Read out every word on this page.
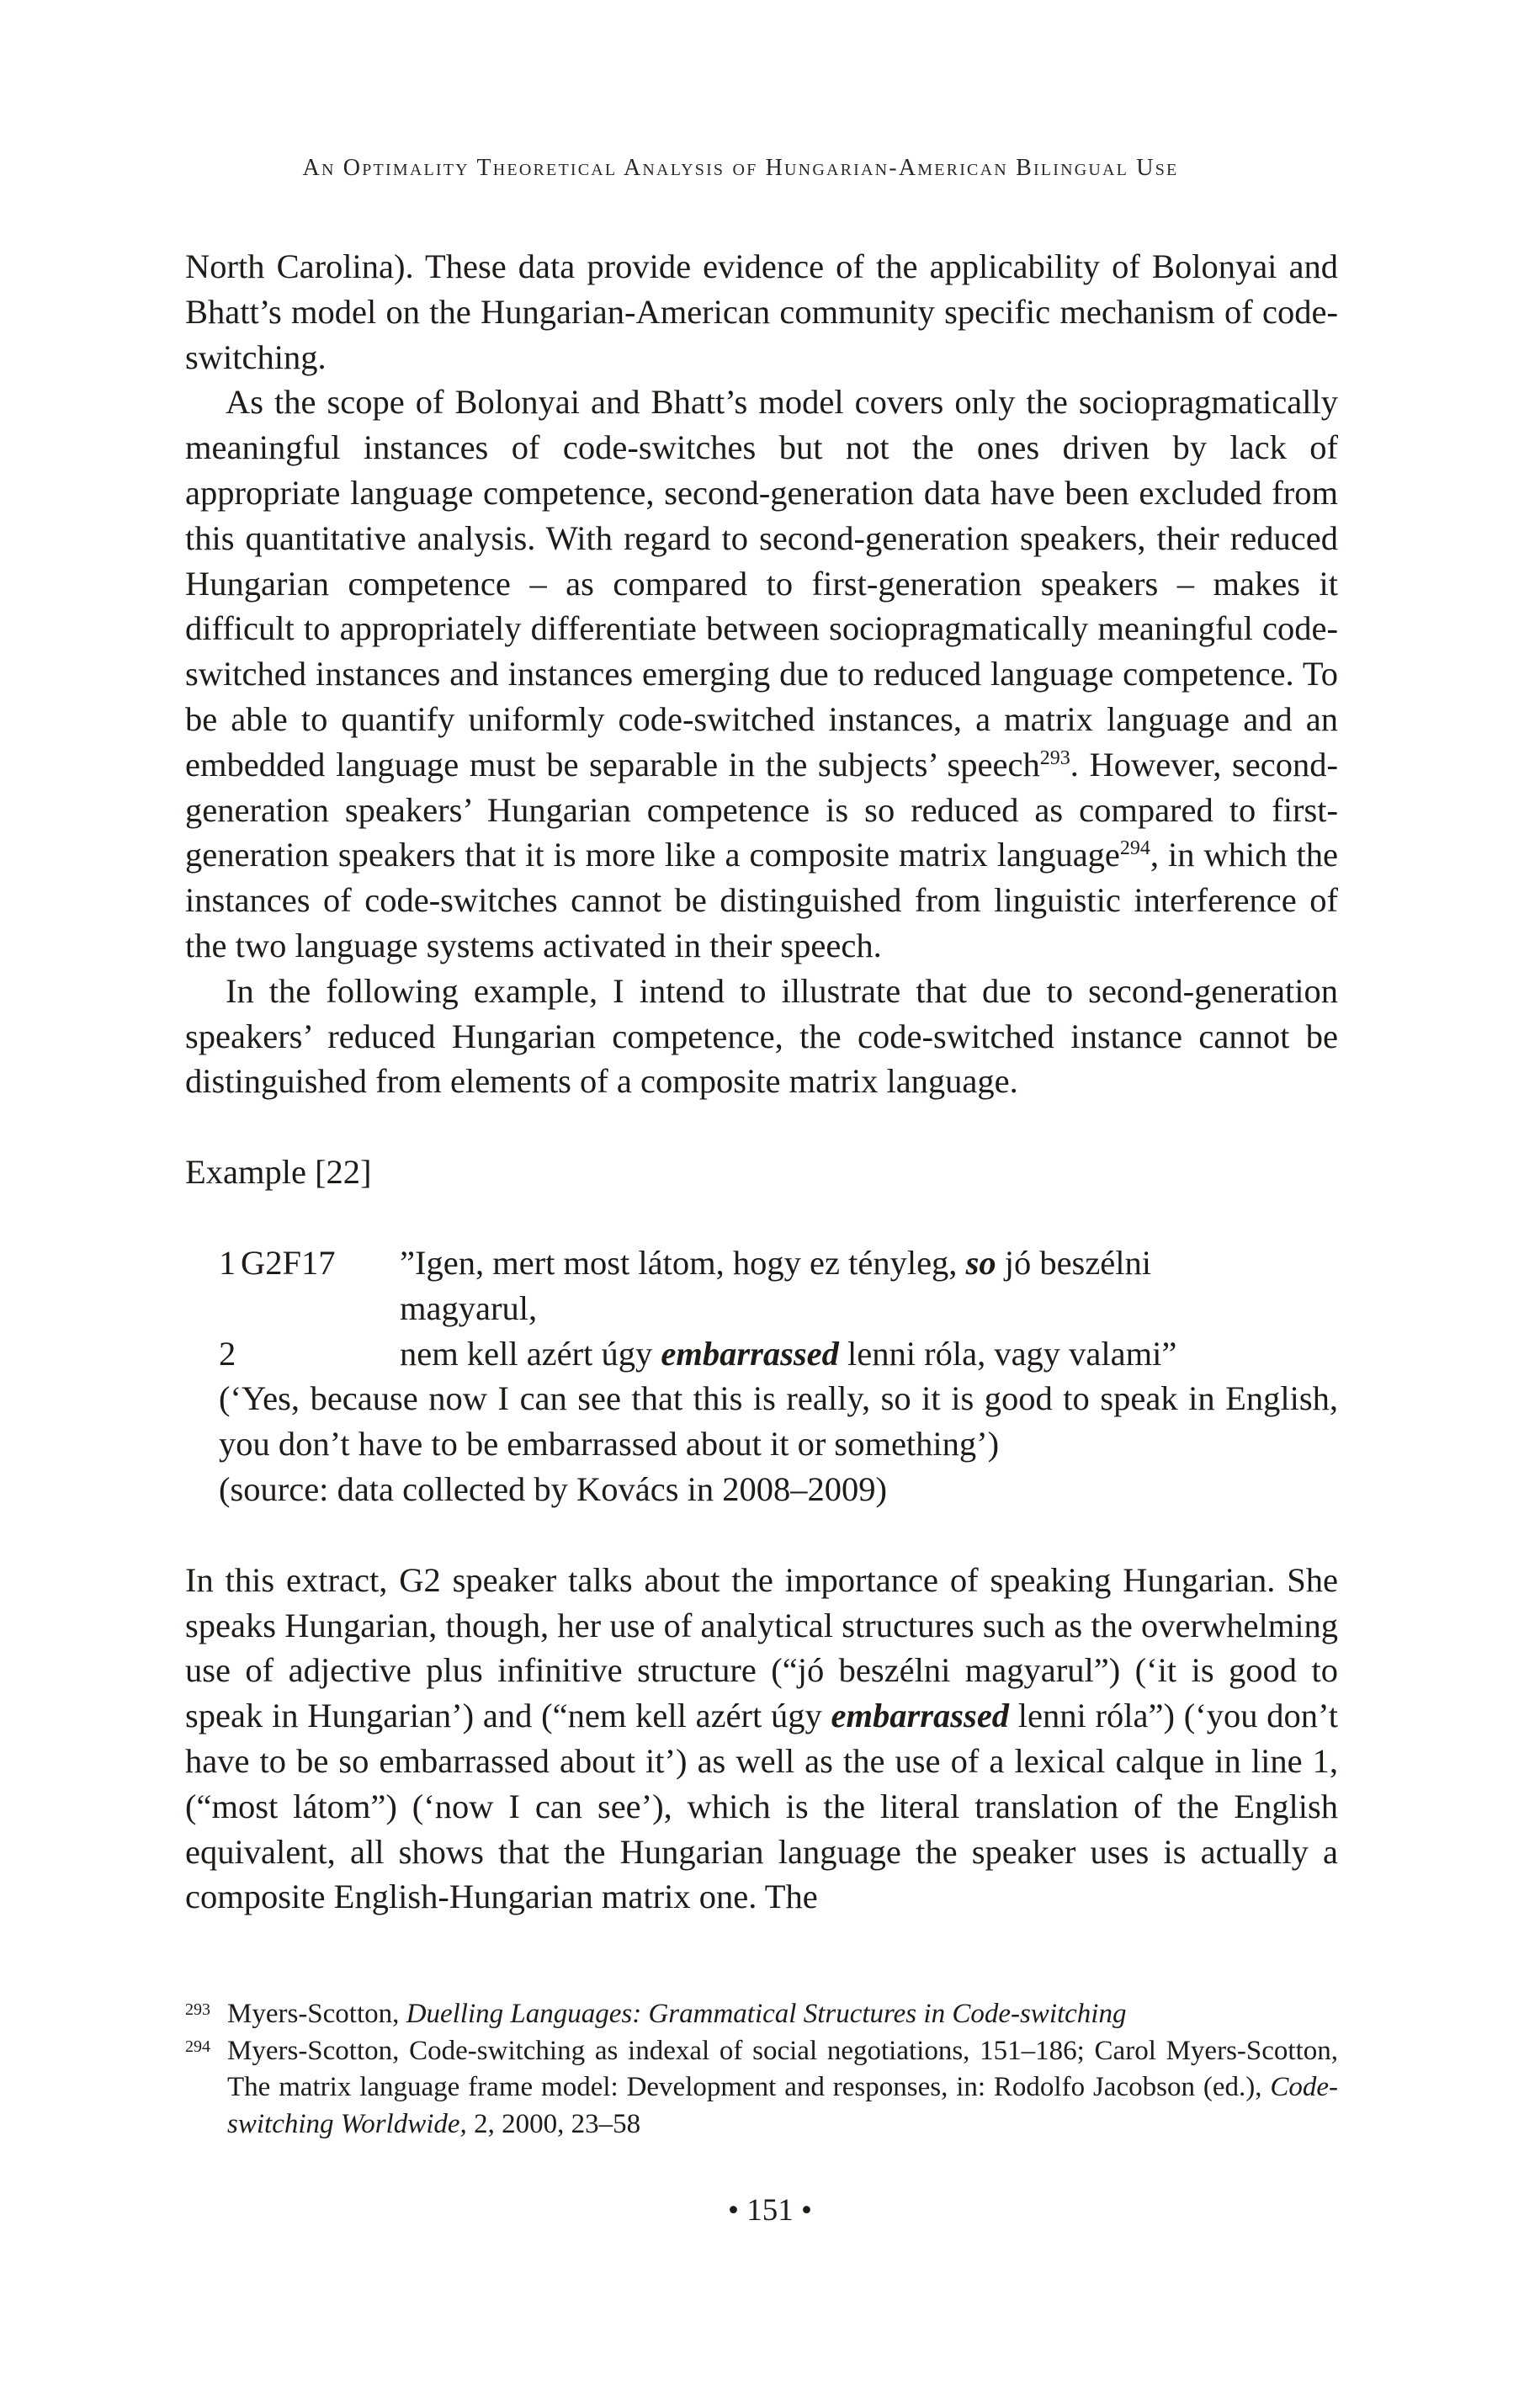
An Optimality Theoretical Analysis of Hungarian-American Bilingual Use

North Carolina). These data provide evidence of the applicability of Bolonyai and Bhatt’s model on the Hungarian-American community specific mechanism of code-switching.

As the scope of Bolonyai and Bhatt’s model covers only the sociopragmatically meaningful instances of code-switches but not the ones driven by lack of appropriate language competence, second-generation data have been excluded from this quantitative analysis. With regard to second-generation speakers, their reduced Hungarian competence – as compared to first-generation speakers – makes it difficult to appropriately differentiate between sociopragmatically meaningful code-switched instances and instances emerging due to reduced language competence. To be able to quantify uniformly code-switched instances, a matrix language and an embedded language must be separable in the subjects’ speech$^{293}$. However, second-generation speakers’ Hungarian competence is so reduced as compared to first-generation speakers that it is more like a composite matrix language$^{294}$, in which the instances of code-switches cannot be distinguished from linguistic interference of the two language systems activated in their speech.

In the following example, I intend to illustrate that due to second-generation speakers’ reduced Hungarian competence, the code-switched instance cannot be distinguished from elements of a composite matrix language.

Example [22]

1 G2F17	”Igen, mert most látom, hogy ez tényleg, so jó beszélni magyarul,
2	nem kell azért úgy embarrassed lenni róla, vagy valami”
(‘Yes, because now I can see that this is really, so it is good to speak in English, you don’t have to be embarrassed about it or something’)
(source: data collected by Kovács in 2008–2009)

In this extract, G2 speaker talks about the importance of speaking Hungarian. She speaks Hungarian, though, her use of analytical structures such as the overwhelming use of adjective plus infinitive structure (“jó beszélni magyarul”) (‘it is good to speak in Hungarian’) and (“nem kell azért úgy embarrassed lenni róla”) (‘you don’t have to be so embarrassed about it’) as well as the use of a lexical calque in line 1, (“most látom”) (‘now I can see’), which is the literal translation of the English equivalent, all shows that the Hungarian language the speaker uses is actually a composite English-Hungarian matrix one. The

293 Myers-Scotton, Duelling Languages: Grammatical Structures in Code-switching
294 Myers-Scotton, Code-switching as indexal of social negotiations, 151–186; Carol Myers-Scotton, The matrix language frame model: Development and responses, in: Rodolfo Jacobson (ed.), Code-switching Worldwide, 2, 2000, 23–58
• 151 •
